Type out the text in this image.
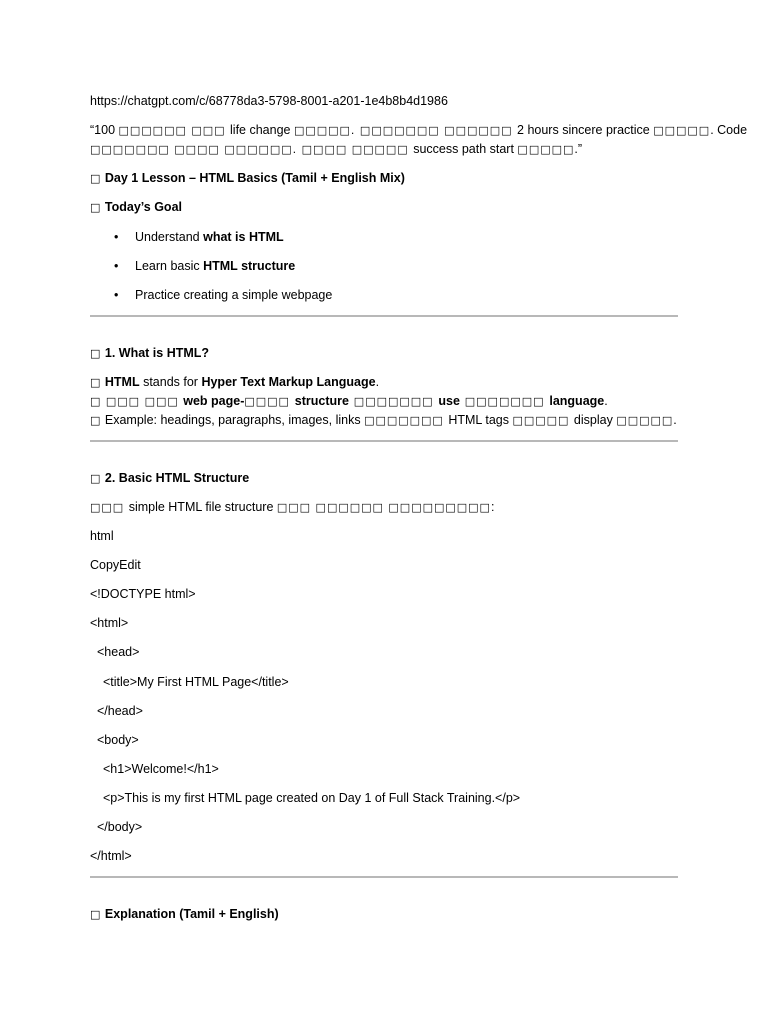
https://chatgpt.com/c/68778da3-5798-8001-a201-1e4b8b4d1986
“100 □□□□□□ □□□ life change □□□□□. □□□□□□□ □□□□□□ 2 hours sincere practice □□□□□. Code
□□□□□□□ □□□□ □□□□□□. □□□□ □□□□□ success path start □□□□□.”
□ Day 1 Lesson – HTML Basics (Tamil + English Mix)
□ Today’s Goal
• Understand what is HTML
• Learn basic HTML structure
• Practice creating a simple webpage
□ 1. What is HTML?
□ HTML stands for Hyper Text Markup Language.
□ □□□ □□□ web page-□□□□ structure □□□□□□□ use □□□□□□□ language.
□ Example: headings, paragraphs, images, links □□□□□□□ HTML tags □□□□□ display □□□□□.
□ 2. Basic HTML Structure
□□□ simple HTML file structure □□□ □□□□□□ □□□□□□□□□:
html
CopyEdit
<!DOCTYPE html>
<html>
<head>
<title>My First HTML Page</title>
</head>
<body>
<h1>Welcome!</h1>
<p>This is my first HTML page created on Day 1 of Full Stack Training.</p>
</body>
</html>
□ Explanation (Tamil + English)
